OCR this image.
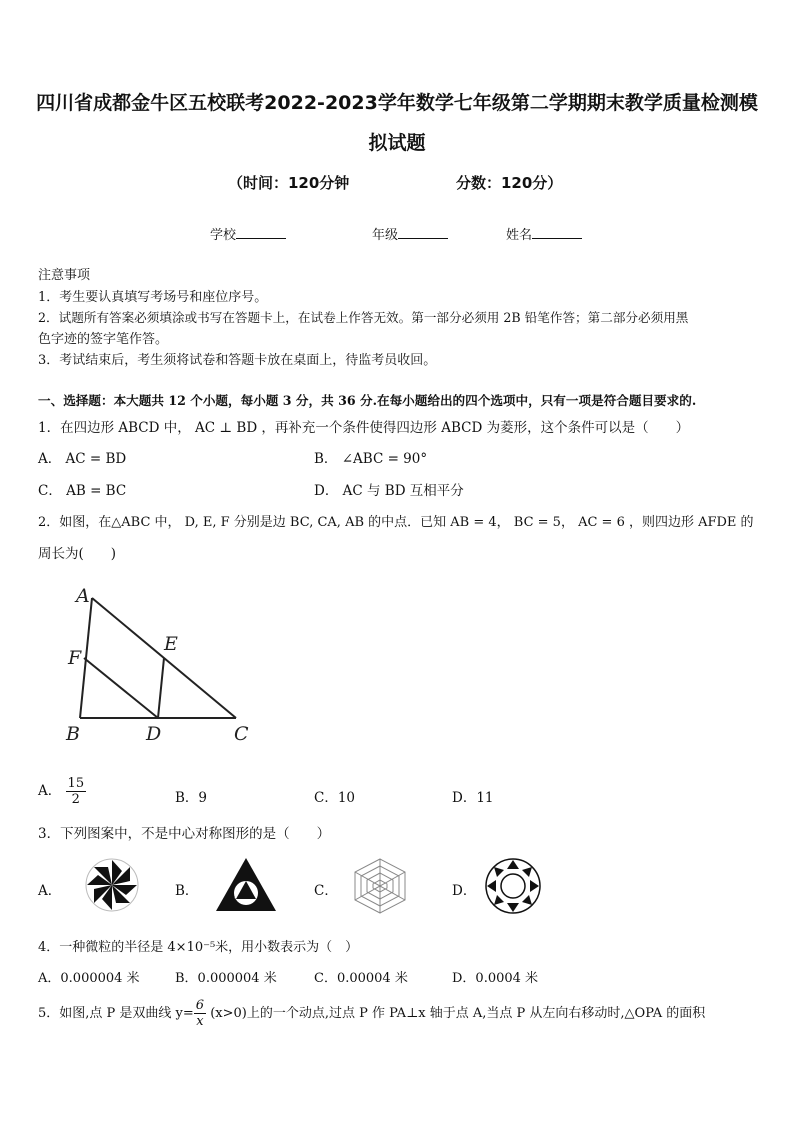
四川省成都金牛区五校联考2022-2023学年数学七年级第二学期期末教学质量检测模
拟试题
（时间：120分钟	分数：120分）
学校	年级	姓名
注意事项
1．考生要认真填写考场号和座位序号。
2．试题所有答案必须填涂或书写在答题卡上，在试卷上作答无效。第一部分必须用 2B 铅笔作答；第二部分必须用黑
色字迹的签字笔作答。
3．考试结束后，考生须将试卷和答题卡放在桌面上，待监考员收回。
一、选择题：本大题共 12 个小题，每小题 3 分，共 36 分.在每小题给出的四个选项中，只有一项是符合题目要求的.
1．在四边形 ABCD 中， AC ⊥ BD ，再补充一个条件使得四边形 ABCD 为菱形，这个条件可以是（　　）
A． AC = BD	B． ∠ABC = 90°
C． AB = BC	D． AC 与 BD 互相平分
2．如图，在△ABC 中， D, E, F 分别是边 BC, CA, AB 的中点．已知 AB = 4， BC = 5， AC = 6 ，则四边形 AFDE 的
周长为(　　)
A
F
E
B	D	C
A． $\frac{15}{2}$	B．9	C．10	D．11
3．下列图案中，不是中心对称图形的是（　　）
A．	B．	C．	D．
4．一种微粒的半径是 4×10⁻⁵米，用小数表示为（　）
A．0.000004 米	B．0.000004 米	C．0.00004 米	D．0.0004 米
5．如图,点 P 是双曲线 $y= \frac{6}{x} (x>0)$上的一个动点,过点 P 作 PA⊥x 轴于点 A,当点 P 从左向右移动时,△OPA 的面积
